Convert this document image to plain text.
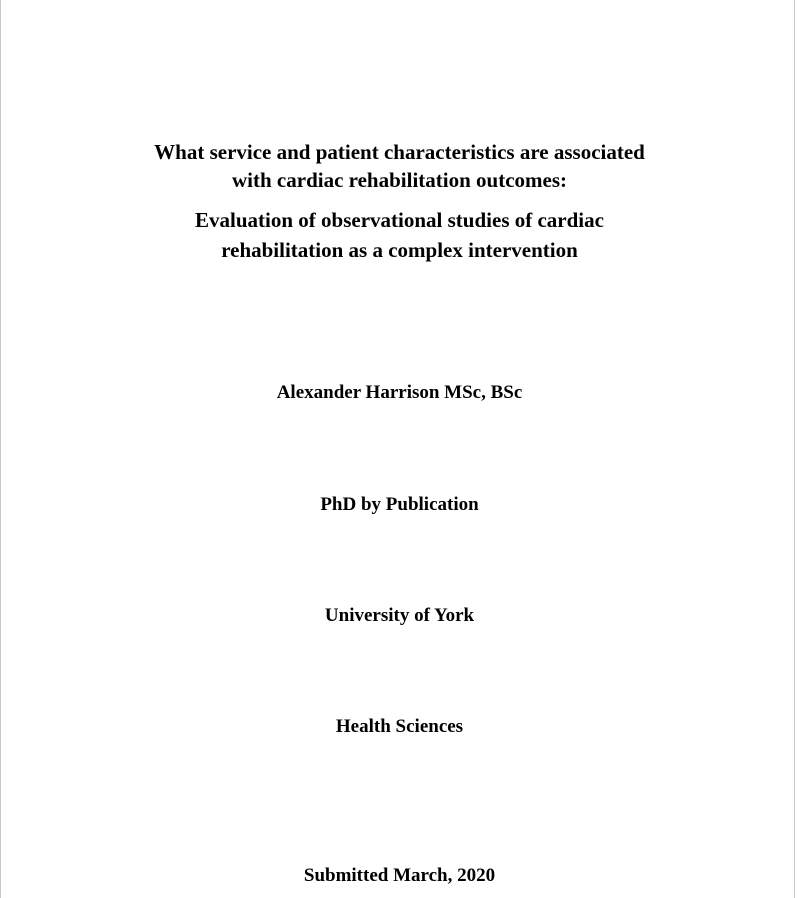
What service and patient characteristics are associated
with cardiac rehabilitation outcomes:
Evaluation of observational studies of cardiac
rehabilitation as a complex intervention
Alexander Harrison MSc, BSc
PhD by Publication
University of York
Health Sciences
Submitted March, 2020
